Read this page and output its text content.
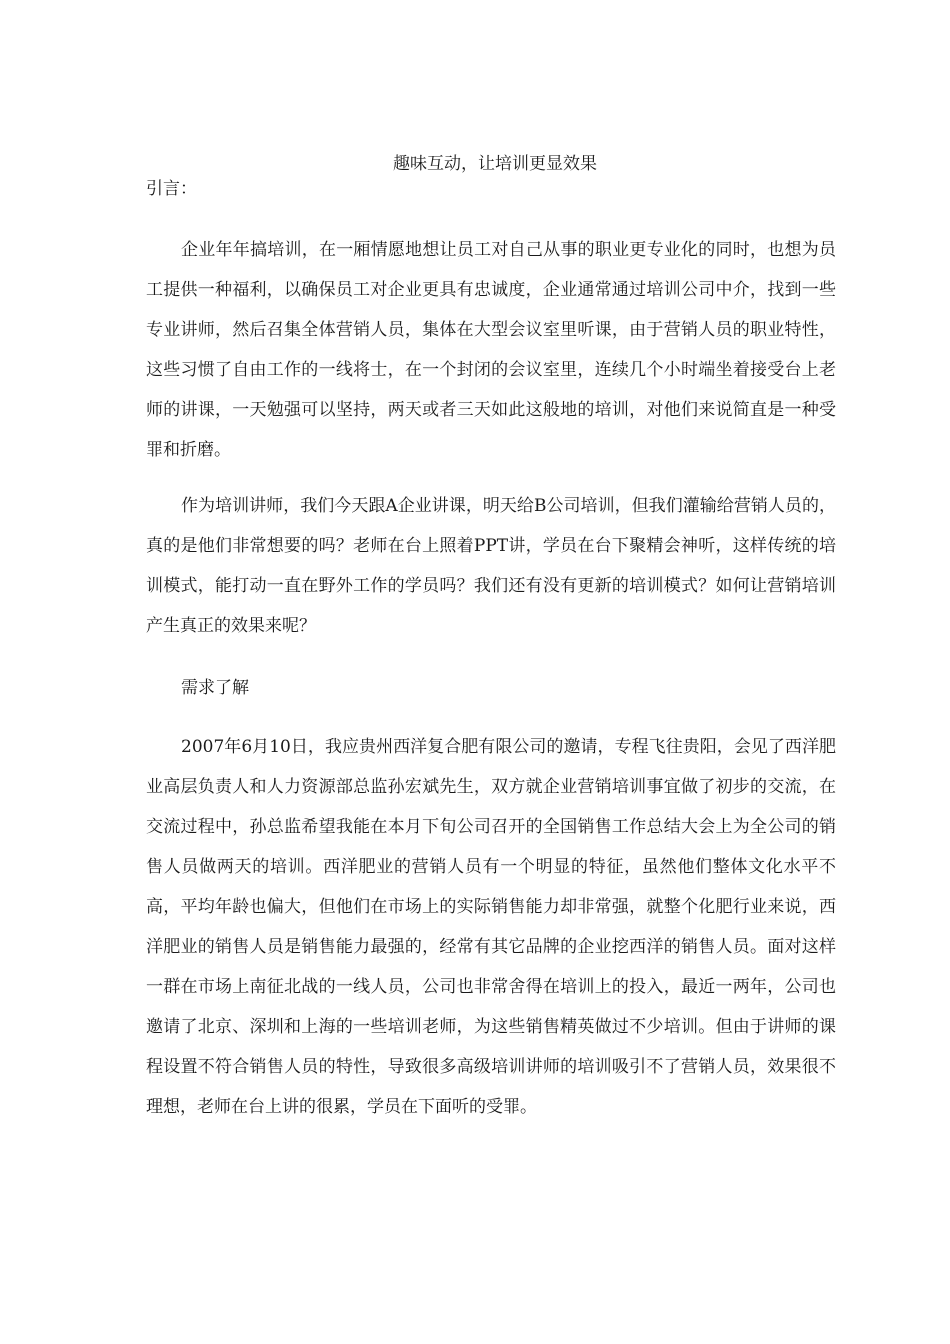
趣味互动，让培训更显效果

引言：

企业年年搞培训，在一厢情愿地想让员工对自己从事的职业更专业化的同时，也想为员工提供一种福利，以确保员工对企业更具有忠诚度，企业通常通过培训公司中介，找到一些专业讲师，然后召集全体营销人员，集体在大型会议室里听课，由于营销人员的职业特性，这些习惯了自由工作的一线将士，在一个封闭的会议室里，连续几个小时端坐着接受台上老师的讲课，一天勉强可以坚持，两天或者三天如此这般地的培训，对他们来说简直是一种受罪和折磨。

作为培训讲师，我们今天跟A企业讲课，明天给B公司培训，但我们灌输给营销人员的，真的是他们非常想要的吗？老师在台上照着PPT讲，学员在台下聚精会神听，这样传统的培训模式，能打动一直在野外工作的学员吗？我们还有没有更新的培训模式？如何让营销培训产生真正的效果来呢？

需求了解

2007年6月10日，我应贵州西洋复合肥有限公司的邀请，专程飞往贵阳，会见了西洋肥业高层负责人和人力资源部总监孙宏斌先生，双方就企业营销培训事宜做了初步的交流，在交流过程中，孙总监希望我能在本月下旬公司召开的全国销售工作总结大会上为全公司的销售人员做两天的培训。西洋肥业的营销人员有一个明显的特征，虽然他们整体文化水平不高，平均年龄也偏大，但他们在市场上的实际销售能力却非常强，就整个化肥行业来说，西洋肥业的销售人员是销售能力最强的，经常有其它品牌的企业挖西洋的销售人员。面对这样一群在市场上南征北战的一线人员，公司也非常舍得在培训上的投入，最近一两年，公司也邀请了北京、深圳和上海的一些培训老师，为这些销售精英做过不少培训。但由于讲师的课程设置不符合销售人员的特性，导致很多高级培训讲师的培训吸引不了营销人员，效果很不理想，老师在台上讲的很累，学员在下面听的受罪。
